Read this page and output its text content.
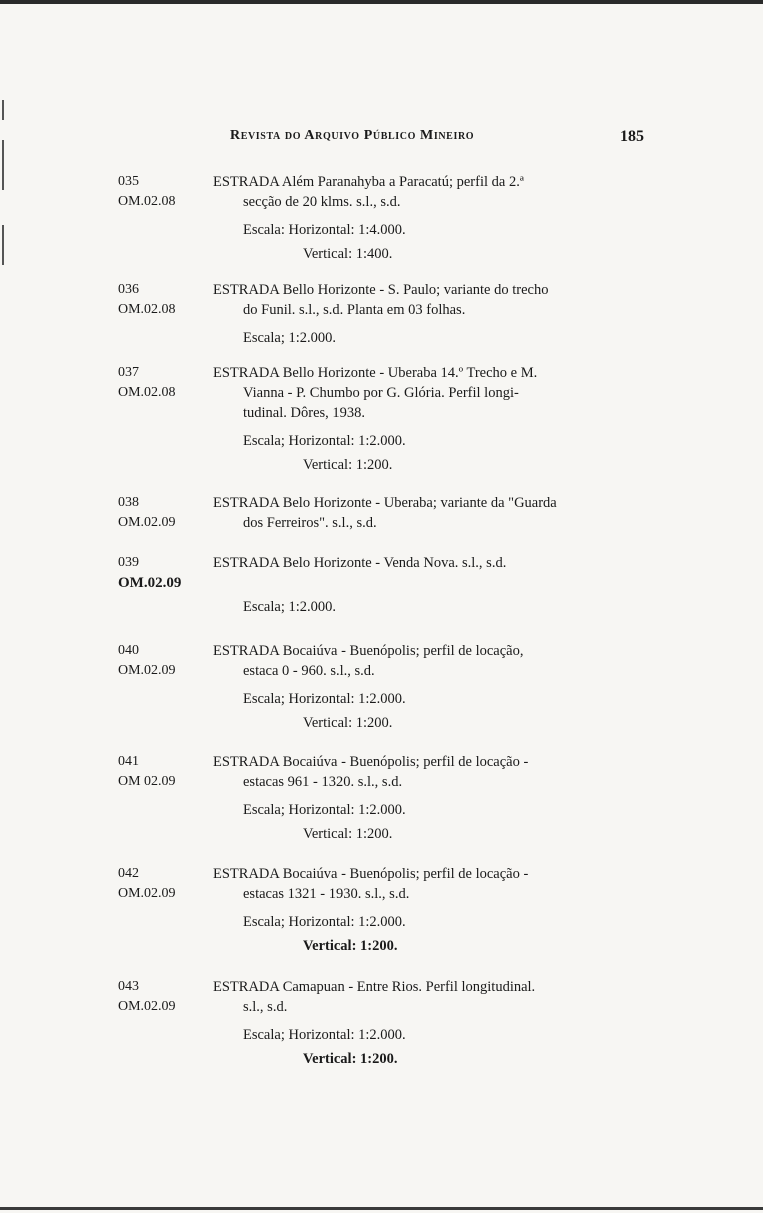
Revista do Arquivo Público Mineiro	185
035
OM.02.08
ESTRADA Além Paranahyba a Paracatú; perfil da 2.ª
secção de 20 klms. s.l., s.d.
Escala: Horizontal: 1:4.000.
Vertical: 1:400.
036
OM.02.08
ESTRADA Bello Horizonte - S. Paulo; variante do trecho
do Funil. s.l., s.d. Planta em 03 folhas.
Escala; 1:2.000.
037
OM.02.08
ESTRADA Bello Horizonte - Uberaba 14.º Trecho e M.
Vianna - P. Chumbo por G. Glória. Perfil longi-
tudinal. Dôres, 1938.
Escala; Horizontal: 1:2.000.
Vertical: 1:200.
038
OM.02.09
ESTRADA Belo Horizonte - Uberaba; variante da "Guarda
dos Ferreiros". s.l., s.d.
039
OM.02.09
ESTRADA Belo Horizonte - Venda Nova. s.l., s.d.
Escala; 1:2.000.
040
OM.02.09
ESTRADA Bocaiúva - Buenópolis; perfil de locação,
estaca 0 - 960. s.l., s.d.
Escala; Horizontal: 1:2.000.
Vertical: 1:200.
041
OM 02.09
ESTRADA Bocaiúva - Buenópolis; perfil de locação -
estacas 961 - 1320. s.l., s.d.
Escala; Horizontal: 1:2.000.
Vertical: 1:200.
042
OM.02.09
ESTRADA Bocaiúva - Buenópolis; perfil de locação -
estacas 1321 - 1930. s.l., s.d.
Escala; Horizontal: 1:2.000.
Vertical: 1:200.
043
OM.02.09
ESTRADA Camapuan - Entre Rios. Perfil longitudinal.
s.l., s.d.
Escala; Horizontal: 1:2.000.
Vertical: 1:200.
